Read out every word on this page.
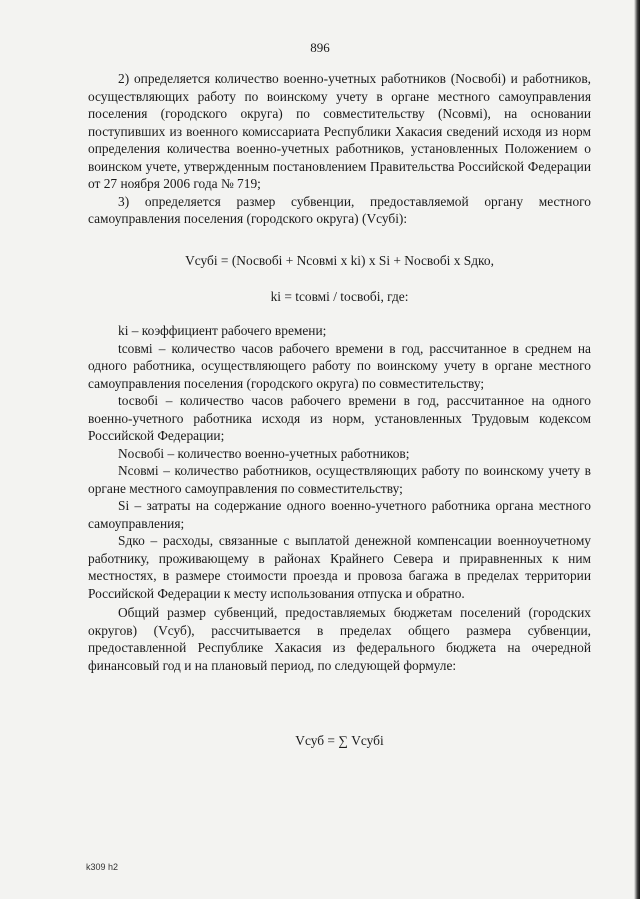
896

2) определяется количество военно-учетных работников (Nосвобi) и работников, осуществляющих работу по воинскому учету в органе местного самоуправления поселения (городского округа) по совместительству (Nсовмi), на основании поступивших из военного комиссариата Республики Хакасия сведений исходя из норм определения количества военно-учетных работников, установленных Положением о воинском учете, утвержденным постановлением Правительства Российской Федерации от 27 ноября 2006 года № 719;

3) определяется размер субвенции, предоставляемой органу местного самоуправления поселения (городского округа) (Vсубi):

Vсубi = (Nосвобi + Nсовмi x ki) x Si + Nосвобi x Sдко,
ki = tсовмi / tосвобi, где:

ki – коэффициент рабочего времени;

tсовмi – количество часов рабочего времени в год, рассчитанное в среднем на одного работника, осуществляющего работу по воинскому учету в органе местного самоуправления поселения (городского округа) по совместительству;

tосвобi – количество часов рабочего времени в год, рассчитанное на одного военно-учетного работника исходя из норм, установленных Трудовым кодексом Российской Федерации;

Nосвобi – количество военно-учетных работников;

Nсовмi – количество работников, осуществляющих работу по воинскому учету в органе местного самоуправления по совместительству;

Si – затраты на содержание одного военно-учетного работника органа местного самоуправления;

Sдко – расходы, связанные с выплатой денежной компенсации военноучетному работнику, проживающему в районах Крайнего Севера и приравненных к ним местностях, в размере стоимости проезда и провоза багажа в пределах территории Российской Федерации к месту использования отпуска и обратно.

Общий размер субвенций, предоставляемых бюджетам поселений (городских округов) (Vсуб), рассчитывается в пределах общего размера субвенции, предоставленной Республике Хакасия из федерального бюджета на очередной финансовый год и на плановый период, по следующей формуле:

Vсуб = ∑ Vсубi
k309 h2
